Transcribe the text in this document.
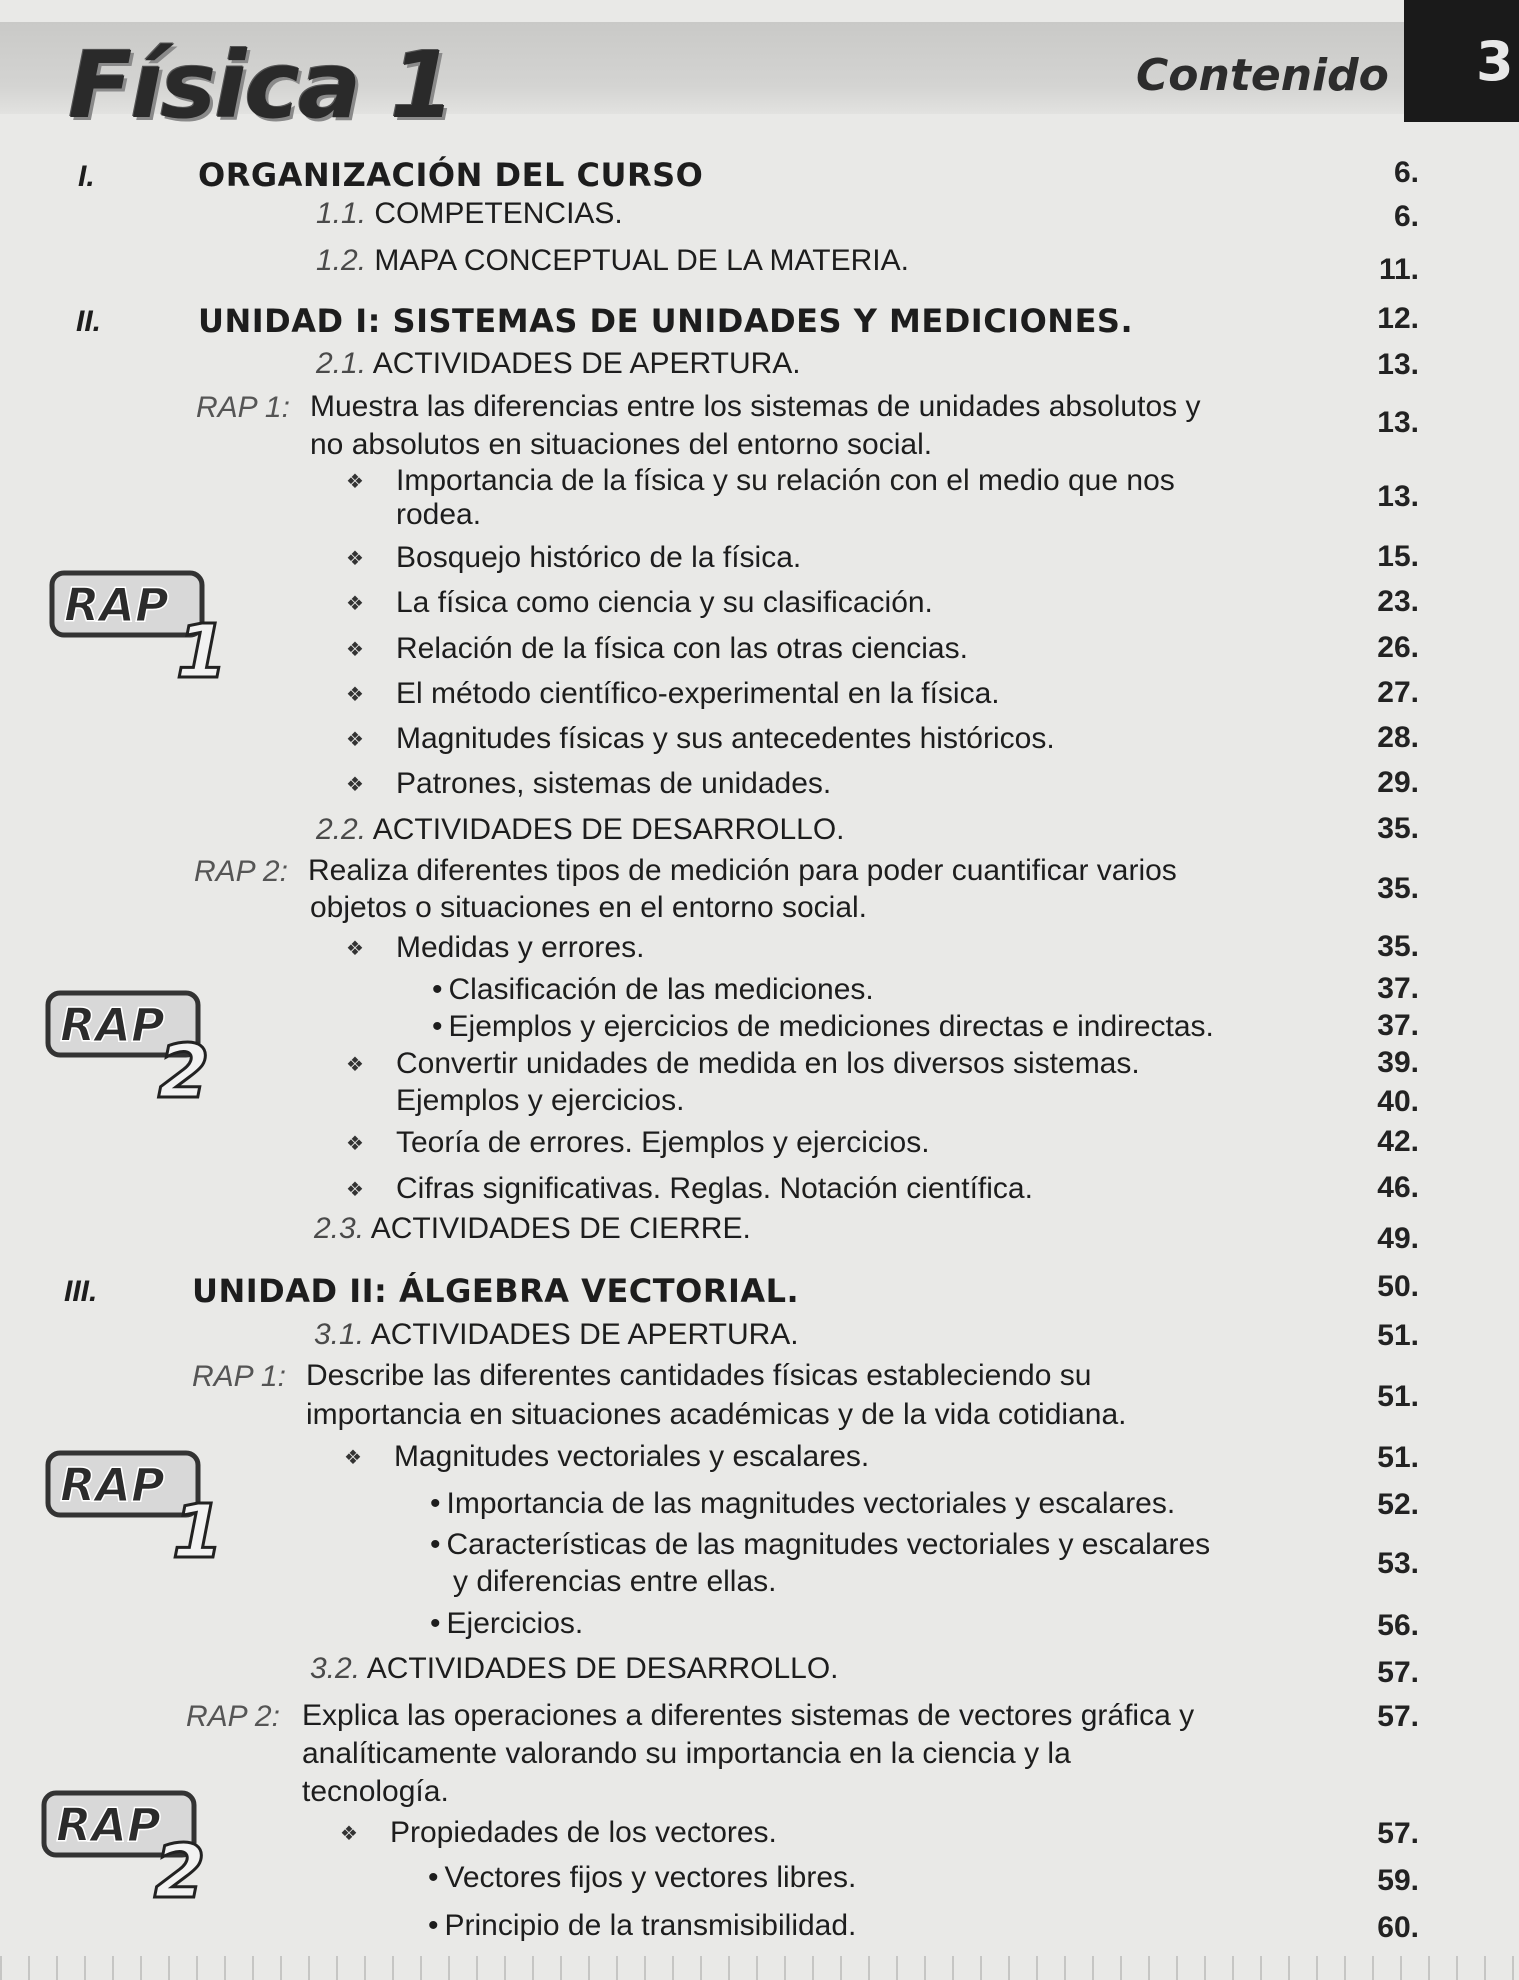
Física 1	Contenido 3
I.	ORGANIZACIÓN DEL CURSO	6.
1.1. COMPETENCIAS.	6.
1.2. MAPA CONCEPTUAL DE LA MATERIA.	11.
II.	UNIDAD I: SISTEMAS DE UNIDADES Y MEDICIONES.	12.
2.1. ACTIVIDADES DE APERTURA.	13.
RAP 1: Muestra las diferencias entre los sistemas de unidades absolutos y
no absolutos en situaciones del entorno social.
13.
❖ Importancia de la física y su relación con el medio que nos
rodea.
13.
❖ Bosquejo histórico de la física.	15.
❖ La física como ciencia y su clasificación.	23.
❖ Relación de la física con las otras ciencias.	26.
❖ El método científico-experimental en la física.	27.
❖ Magnitudes físicas y sus antecedentes históricos.	28.
❖ Patrones, sistemas de unidades.	29.
2.2. ACTIVIDADES DE DESARROLLO.	35.
RAP 2: Realiza diferentes tipos de medición para poder cuantificar varios
objetos o situaciones en el entorno social.
35.
❖ Medidas y errores.	35.
• Clasificación de las mediciones.	37.
• Ejemplos y ejercicios de mediciones directas e indirectas.	37.
❖ Convertir unidades de medida en los diversos sistemas.	39.
Ejemplos y ejercicios.	40.
❖ Teoría de errores. Ejemplos y ejercicios.	42.
❖ Cifras significativas. Reglas. Notación científica.	46.
2.3. ACTIVIDADES DE CIERRE.	49.
III.	UNIDAD II: ÁLGEBRA VECTORIAL.	50.
3.1. ACTIVIDADES DE APERTURA.	51.
RAP 1: Describe las diferentes cantidades físicas estableciendo su
importancia en situaciones académicas y de la vida cotidiana.
51.
❖ Magnitudes vectoriales y escalares.	51.
• Importancia de las magnitudes vectoriales y escalares.	52.
• Características de las magnitudes vectoriales y escalares
y diferencias entre ellas.
53.
• Ejercicios.	56.
3.2. ACTIVIDADES DE DESARROLLO.	57.
RAP 2: Explica las operaciones a diferentes sistemas de vectores gráfica y
analíticamente valorando su importancia en la ciencia y la
tecnología.
57.
❖ Propiedades de los vectores.	57.
• Vectores fijos y vectores libres.	59.
• Principio de la transmisibilidad.	60.
RAP
1
RAP
2
RAP
1
RAP
2
